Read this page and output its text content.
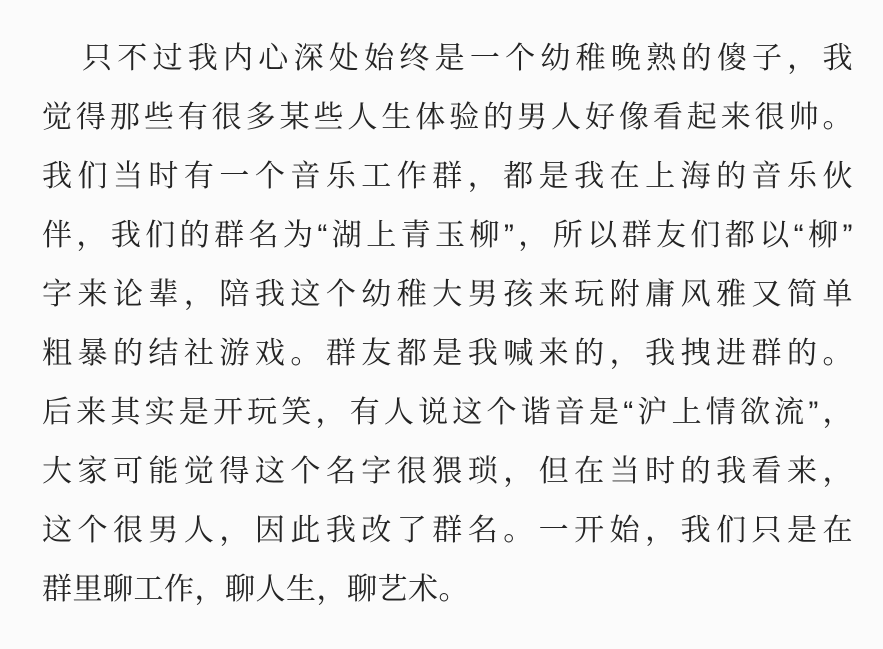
只不过我内心深处始终是一个幼稚晚熟的傻子，我
觉得那些有很多某些人生体验的男人好像看起来很帅。
我们当时有一个音乐工作群，都是我在上海的音乐伙
伴，我们的群名为“湖上青玉柳”，所以群友们都以“柳”
字来论辈，陪我这个幼稚大男孩来玩附庸风雅又简单
粗暴的结社游戏。群友都是我喊来的，我拽进群的。
后来其实是开玩笑，有人说这个谐音是“沪上情欲流”，
大家可能觉得这个名字很猥琐，但在当时的我看来，
这个很男人，因此我改了群名。一开始，我们只是在
群里聊工作，聊人生，聊艺术。
